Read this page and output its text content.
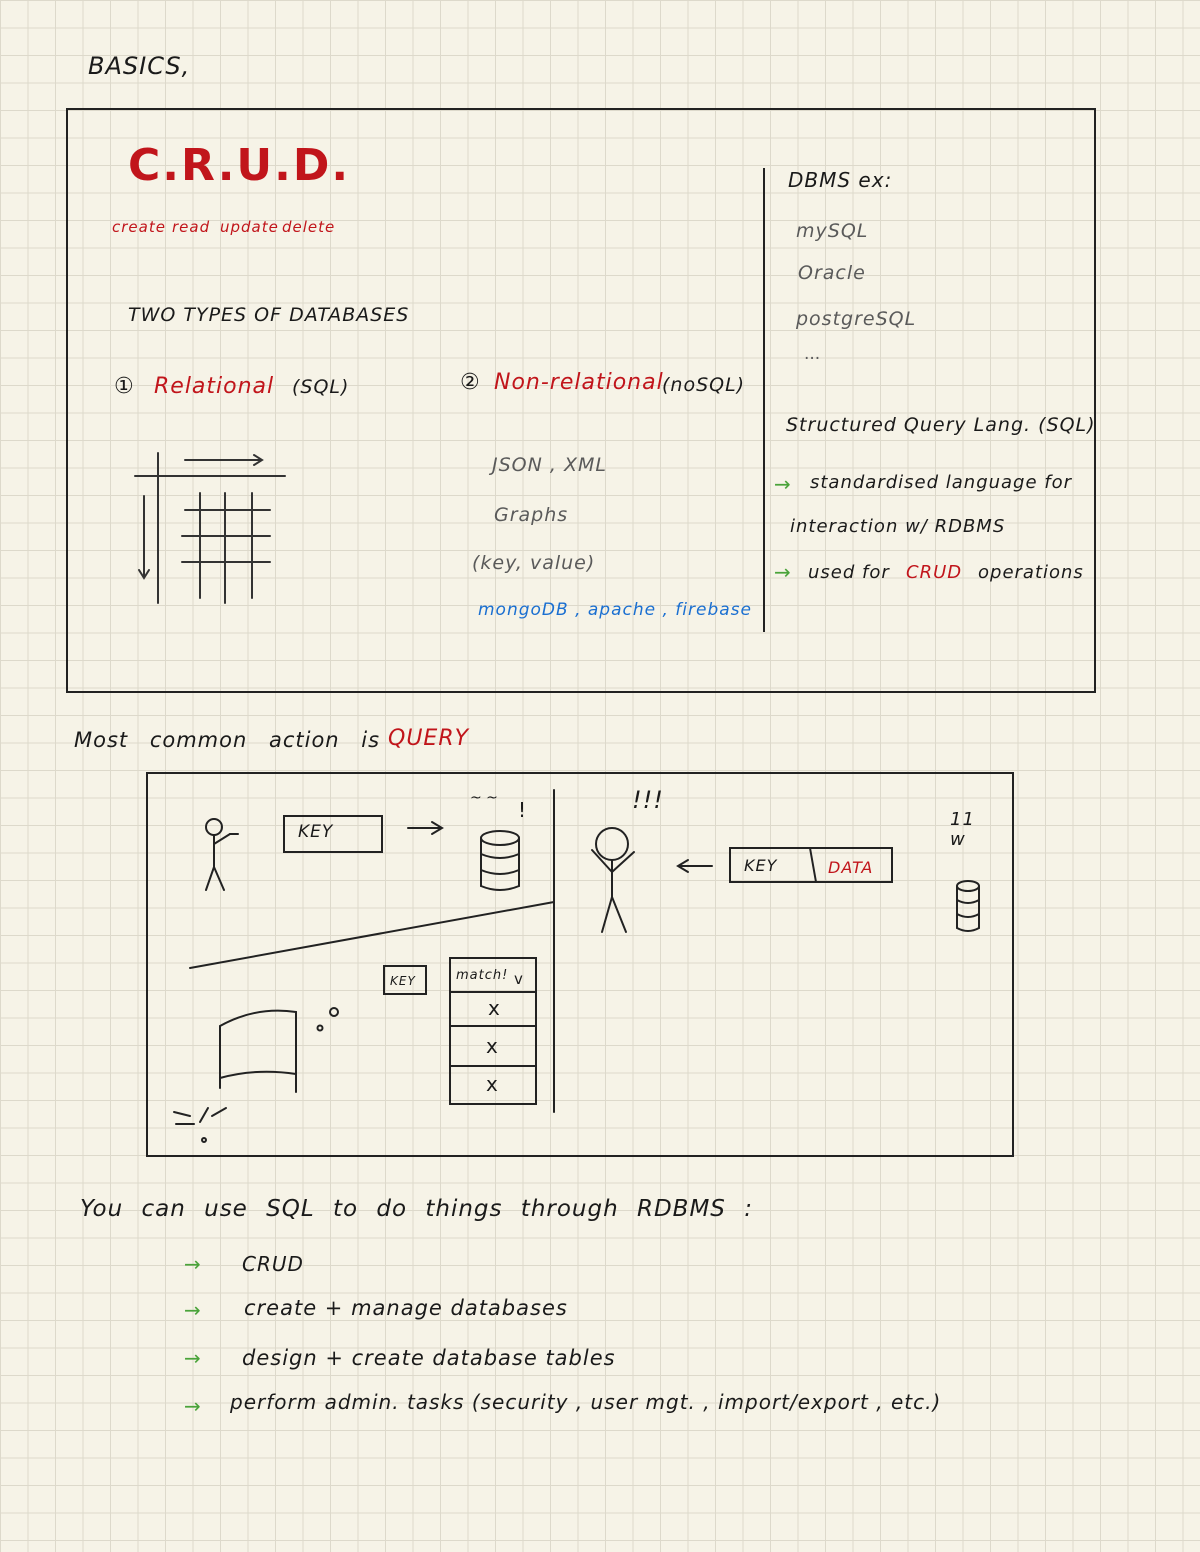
BASICS,
C.R.U.D.
create read update delete
TWO TYPES OF DATABASES
① Relational (SQL)	② Non-relational
(noSQL)
JSON , XML
Graphs
(key, value)
mongoDB , apache , firebase
DBMS ex:
mySQL
Oracle
postgreSQL
...
Structured Query Lang. (SQL)
→ standardised language for
interaction w/ RDBMS
→ used for CRUD operations
Most common action is QUERY
KEY
~ ~ !	!!!
KEY	DATA
11 w
KEY	match! v
x
x
x
You can use SQL to do things through RDBMS :
→ CRUD
→ create + manage databases
→ design + create database tables
→ perform admin. tasks (security , user mgt. , import/export , etc.)
